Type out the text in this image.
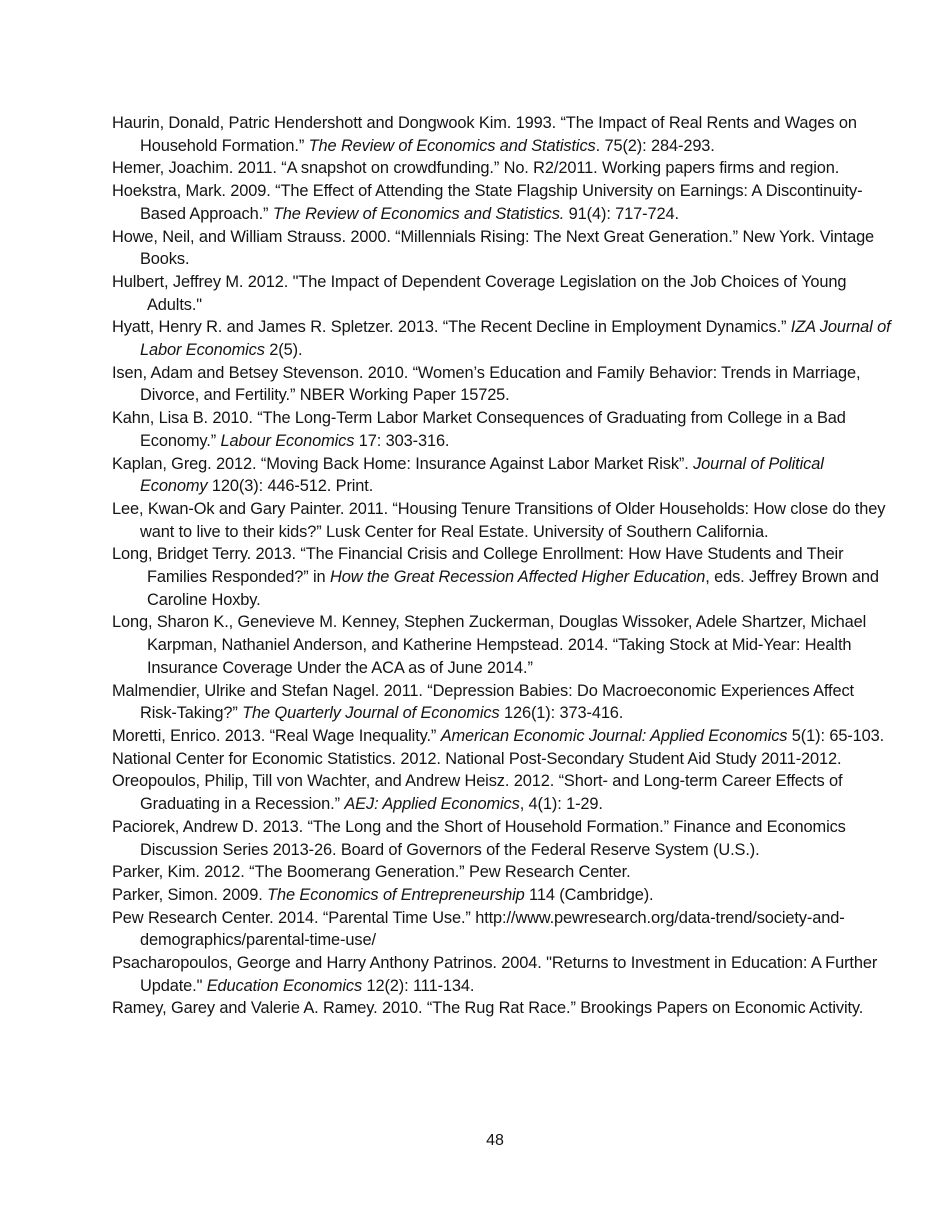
Haurin, Donald, Patric Hendershott and Dongwook Kim. 1993. “The Impact of Real Rents and Wages on Household Formation.” The Review of Economics and Statistics. 75(2): 284-293.

Hemer, Joachim. 2011. “A snapshot on crowdfunding.” No. R2/2011. Working papers firms and region.

Hoekstra, Mark. 2009. “The Effect of Attending the State Flagship University on Earnings: A Discontinuity-Based Approach.” The Review of Economics and Statistics. 91(4): 717-724.

Howe, Neil, and William Strauss. 2000. “Millennials Rising: The Next Great Generation.” New York. Vintage Books.

Hulbert, Jeffrey M. 2012. "The Impact of Dependent Coverage Legislation on the Job Choices of Young Adults."

Hyatt, Henry R. and James R. Spletzer. 2013. “The Recent Decline in Employment Dynamics.” IZA Journal of Labor Economics 2(5).

Isen, Adam and Betsey Stevenson. 2010. “Women’s Education and Family Behavior: Trends in Marriage, Divorce, and Fertility.” NBER Working Paper 15725.

Kahn, Lisa B. 2010. “The Long-Term Labor Market Consequences of Graduating from College in a Bad Economy.” Labour Economics 17: 303-316.

Kaplan, Greg. 2012. “Moving Back Home: Insurance Against Labor Market Risk”. Journal of Political Economy 120(3): 446-512. Print.

Lee, Kwan-Ok and Gary Painter. 2011. “Housing Tenure Transitions of Older Households: How close do they want to live to their kids?” Lusk Center for Real Estate. University of Southern California.

Long, Bridget Terry. 2013. “The Financial Crisis and College Enrollment: How Have Students and Their Families Responded?” in How the Great Recession Affected Higher Education, eds. Jeffrey Brown and Caroline Hoxby.

Long, Sharon K., Genevieve M. Kenney, Stephen Zuckerman, Douglas Wissoker, Adele Shartzer, Michael Karpman, Nathaniel Anderson, and Katherine Hempstead. 2014. “Taking Stock at Mid-Year: Health Insurance Coverage Under the ACA as of June 2014.”

Malmendier, Ulrike and Stefan Nagel. 2011. “Depression Babies: Do Macroeconomic Experiences Affect Risk-Taking?” The Quarterly Journal of Economics 126(1): 373-416.

Moretti, Enrico. 2013. “Real Wage Inequality.” American Economic Journal: Applied Economics 5(1): 65-103.

National Center for Economic Statistics. 2012. National Post-Secondary Student Aid Study 2011-2012.

Oreopoulos, Philip, Till von Wachter, and Andrew Heisz. 2012. “Short- and Long-term Career Effects of Graduating in a Recession.” AEJ: Applied Economics, 4(1): 1-29.

Paciorek, Andrew D. 2013. “The Long and the Short of Household Formation.” Finance and Economics Discussion Series 2013-26. Board of Governors of the Federal Reserve System (U.S.).

Parker, Kim. 2012. “The Boomerang Generation.” Pew Research Center.

Parker, Simon. 2009. The Economics of Entrepreneurship 114 (Cambridge).

Pew Research Center. 2014. “Parental Time Use.” http://www.pewresearch.org/data-trend/society-and-demographics/parental-time-use/

Psacharopoulos, George and Harry Anthony Patrinos. 2004. "Returns to Investment in Education: A Further Update." Education Economics 12(2): 111-134.

Ramey, Garey and Valerie A. Ramey. 2010. “The Rug Rat Race.” Brookings Papers on Economic Activity.

48
